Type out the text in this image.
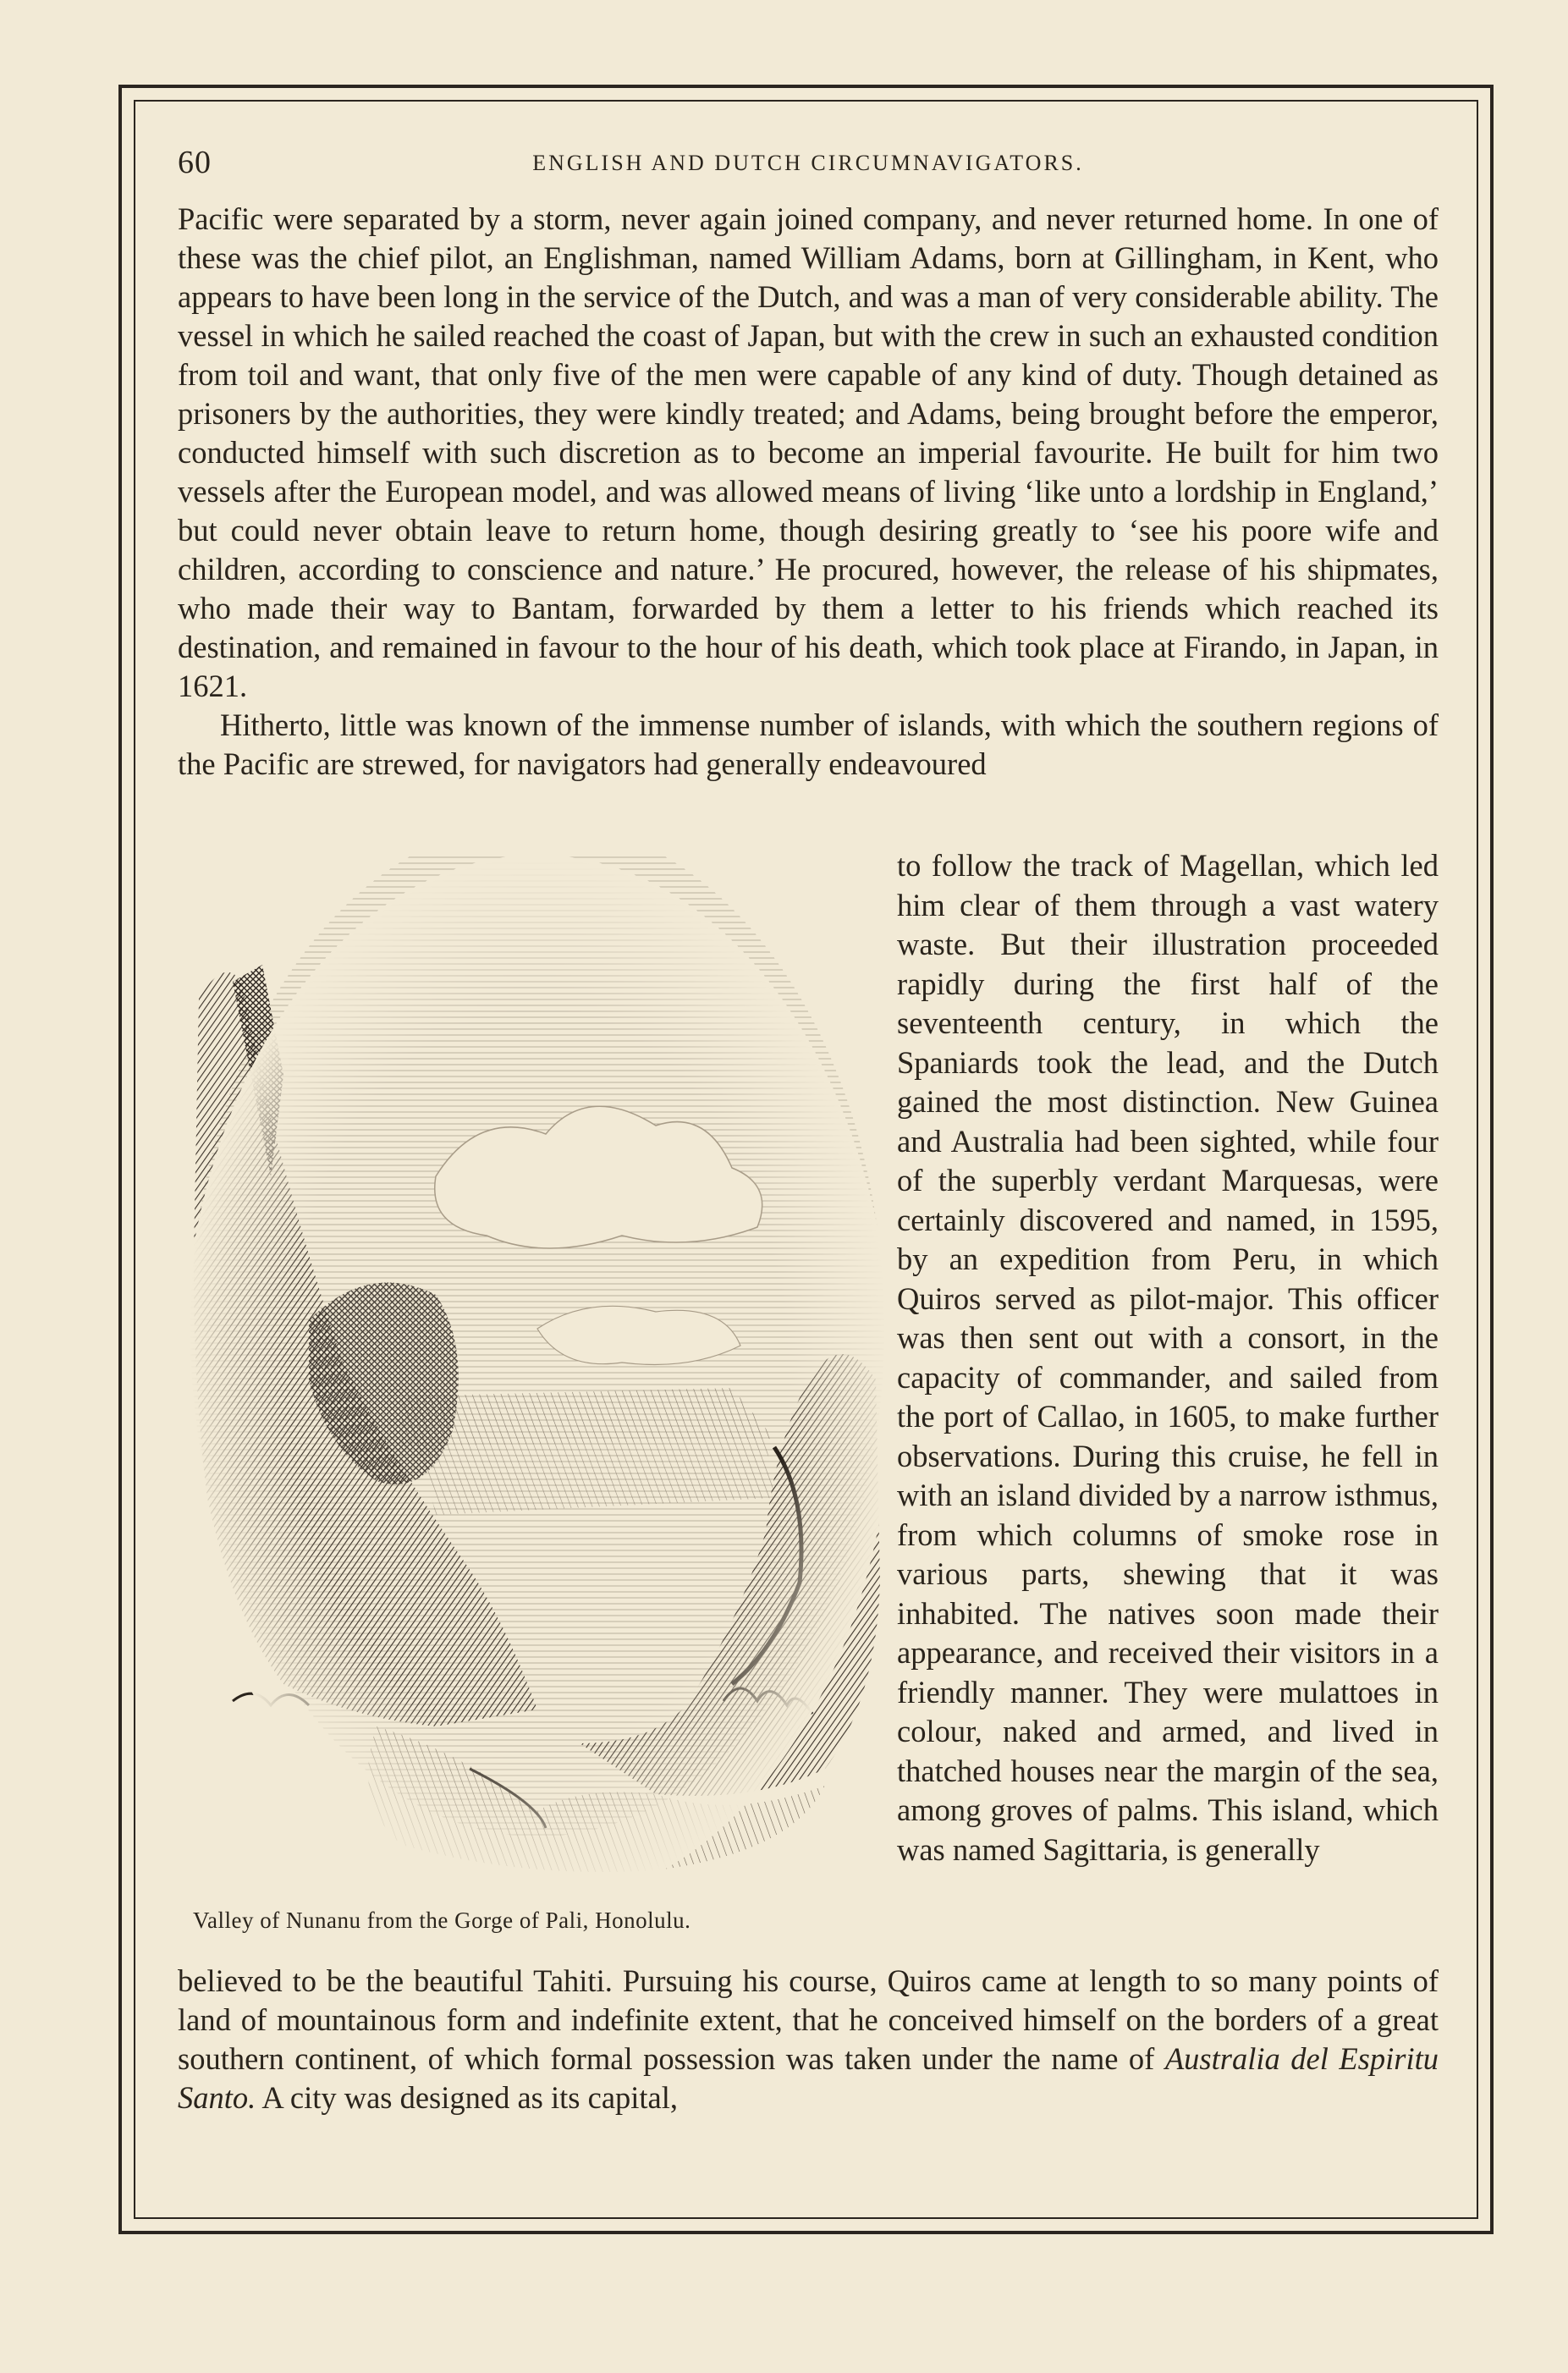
60	ENGLISH AND DUTCH CIRCUMNAVIGATORS.

Pacific were separated by a storm, never again joined company, and never returned home. In one of these was the chief pilot, an Englishman, named William Adams, born at Gillingham, in Kent, who appears to have been long in the service of the Dutch, and was a man of very considerable ability. The vessel in which he sailed reached the coast of Japan, but with the crew in such an exhausted condition from toil and want, that only five of the men were capable of any kind of duty. Though detained as prisoners by the authorities, they were kindly treated; and Adams, being brought before the emperor, conducted himself with such discretion as to become an imperial favourite. He built for him two vessels after the European model, and was allowed means of living ‘like unto a lordship in England,’ but could never obtain leave to return home, though desiring greatly to ‘see his poore wife and children, according to conscience and nature.’ He procured, however, the release of his shipmates, who made their way to Bantam, forwarded by them a letter to his friends which reached its destination, and remained in favour to the hour of his death, which took place at Firando, in Japan, in 1621.

Hitherto, little was known of the immense number of islands, with which the southern regions of the Pacific are strewed, for navigators had generally endeavoured

Valley of Nunanu from the Gorge of Pali, Honolulu.

to follow the track of Magellan, which led him clear of them through a vast watery waste. But their illustration proceeded rapidly during the first half of the seventeenth century, in which the Spaniards took the lead, and the Dutch gained the most distinction. New Guinea and Australia had been sighted, while four of the superbly verdant Marquesas, were certainly discovered and named, in 1595, by an expedition from Peru, in which Quiros served as pilot-major. This officer was then sent out with a consort, in the capacity of commander, and sailed from the port of Callao, in 1605, to make further observations. During this cruise, he fell in with an island divided by a narrow isthmus, from which columns of smoke rose in various parts, shewing that it was inhabited. The natives soon made their appearance, and received their visitors in a friendly manner. They were mulattoes in colour, naked and armed, and lived in thatched houses near the margin of the sea, among groves of palms. This island, which was named Sagittaria, is generally

believed to be the beautiful Tahiti. Pursuing his course, Quiros came at length to so many points of land of mountainous form and indefinite extent, that he conceived himself on the borders of a great southern continent, of which formal possession was taken under the name of Australia del Espiritu Santo. A city was designed as its capital,
